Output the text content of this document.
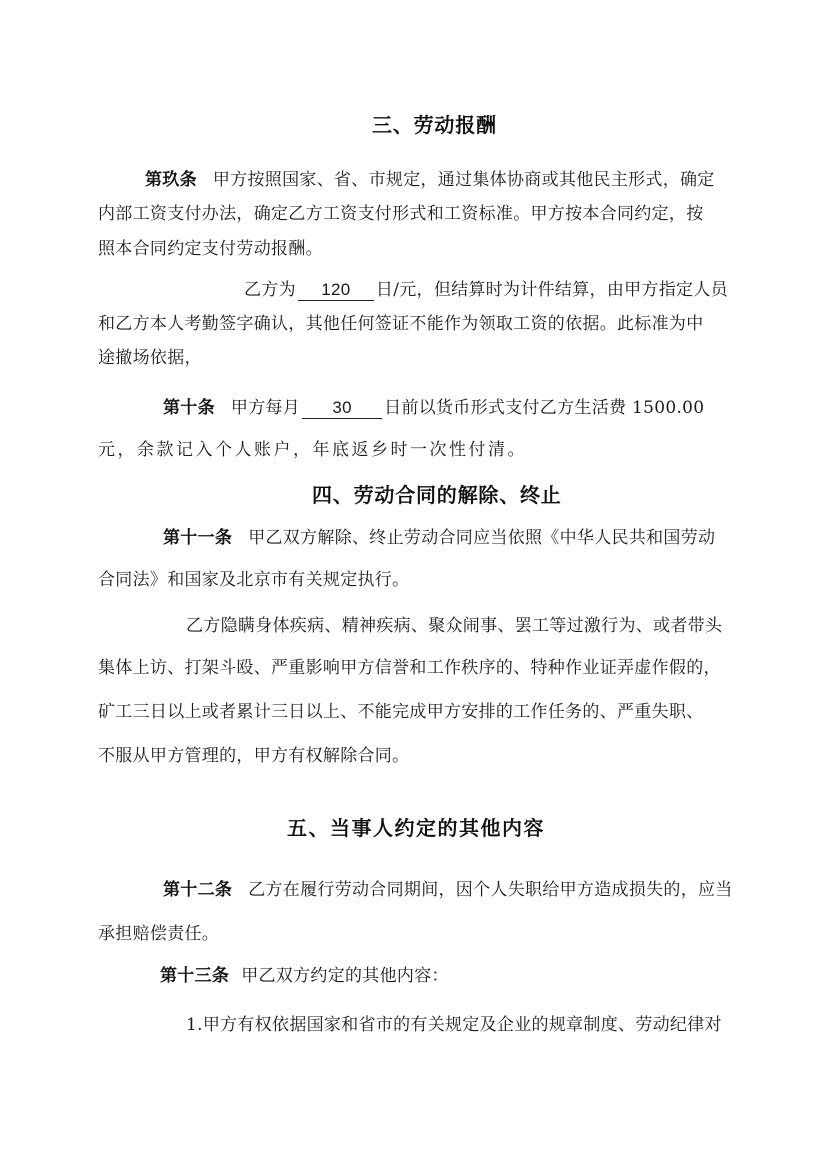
三、劳动报酬
第玖条 甲方按照国家、省、市规定，通过集体协商或其他民主形式，确定
内部工资支付办法，确定乙方工资支付形式和工资标准。甲方按本合同约定，按
照本合同约定支付劳动报酬。
乙方为 120 日/元，但结算时为计件结算，由甲方指定人员
和乙方本人考勤签字确认，其他任何签证不能作为领取工资的依据。此标准为中
途撤场依据，
第十条 甲方每月 30 日前以货币形式支付乙方生活费 1500.00
元，余款记入个人账户，年底返乡时一次性付清。
四、劳动合同的解除、终止
第十一条 甲乙双方解除、终止劳动合同应当依照《中华人民共和国劳动
合同法》和国家及北京市有关规定执行。
乙方隐瞒身体疾病、精神疾病、聚众闹事、罢工等过激行为、或者带头
集体上访、打架斗殴、严重影响甲方信誉和工作秩序的、特种作业证弄虚作假的，
矿工三日以上或者累计三日以上、不能完成甲方安排的工作任务的、严重失职、
不服从甲方管理的，甲方有权解除合同。
五、当事人约定的其他内容
第十二条 乙方在履行劳动合同期间，因个人失职给甲方造成损失的，应当
承担赔偿责任。
第十三条 甲乙双方约定的其他内容：
1.甲方有权依据国家和省市的有关规定及企业的规章制度、劳动纪律对
